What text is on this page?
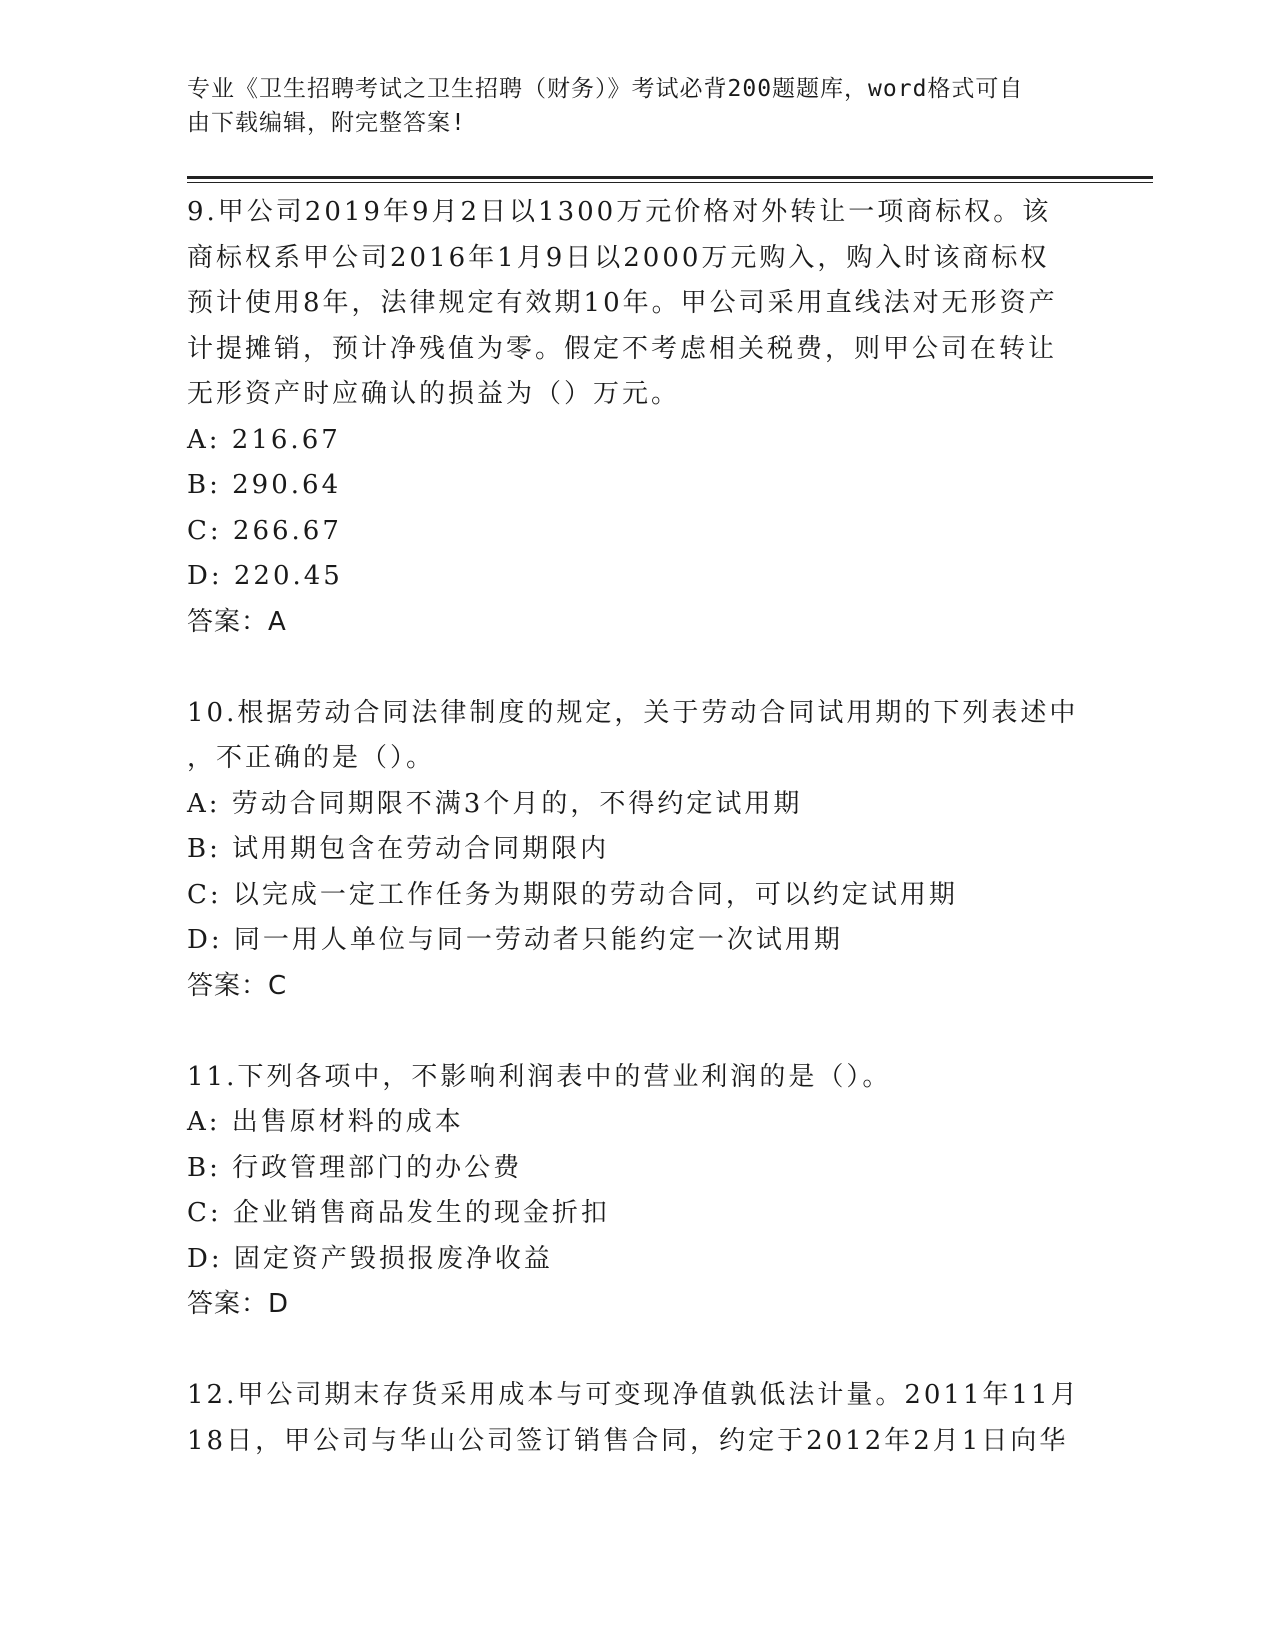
专业《卫生招聘考试之卫生招聘（财务）》考试必背200题题库，word格式可自
由下载编辑，附完整答案!
9.甲公司2019年9月2日以1300万元价格对外转让一项商标权。该
商标权系甲公司2016年1月9日以2000万元购入，购入时该商标权
预计使用8年，法律规定有效期10年。甲公司采用直线法对无形资产
计提摊销，预计净残值为零。假定不考虑相关税费，则甲公司在转让
无形资产时应确认的损益为（）万元。
A: 216.67
B: 290.64
C: 266.67
D: 220.45
答案：A
10.根据劳动合同法律制度的规定，关于劳动合同试用期的下列表述中
，不正确的是（）。
A: 劳动合同期限不满3个月的，不得约定试用期
B: 试用期包含在劳动合同期限内
C: 以完成一定工作任务为期限的劳动合同，可以约定试用期
D: 同一用人单位与同一劳动者只能约定一次试用期
答案：C
11.下列各项中，不影响利润表中的营业利润的是（）。
A: 出售原材料的成本
B: 行政管理部门的办公费
C: 企业销售商品发生的现金折扣
D: 固定资产毁损报废净收益
答案：D
12.甲公司期末存货采用成本与可变现净值孰低法计量。2011年11月
18日，甲公司与华山公司签订销售合同，约定于2012年2月1日向华
